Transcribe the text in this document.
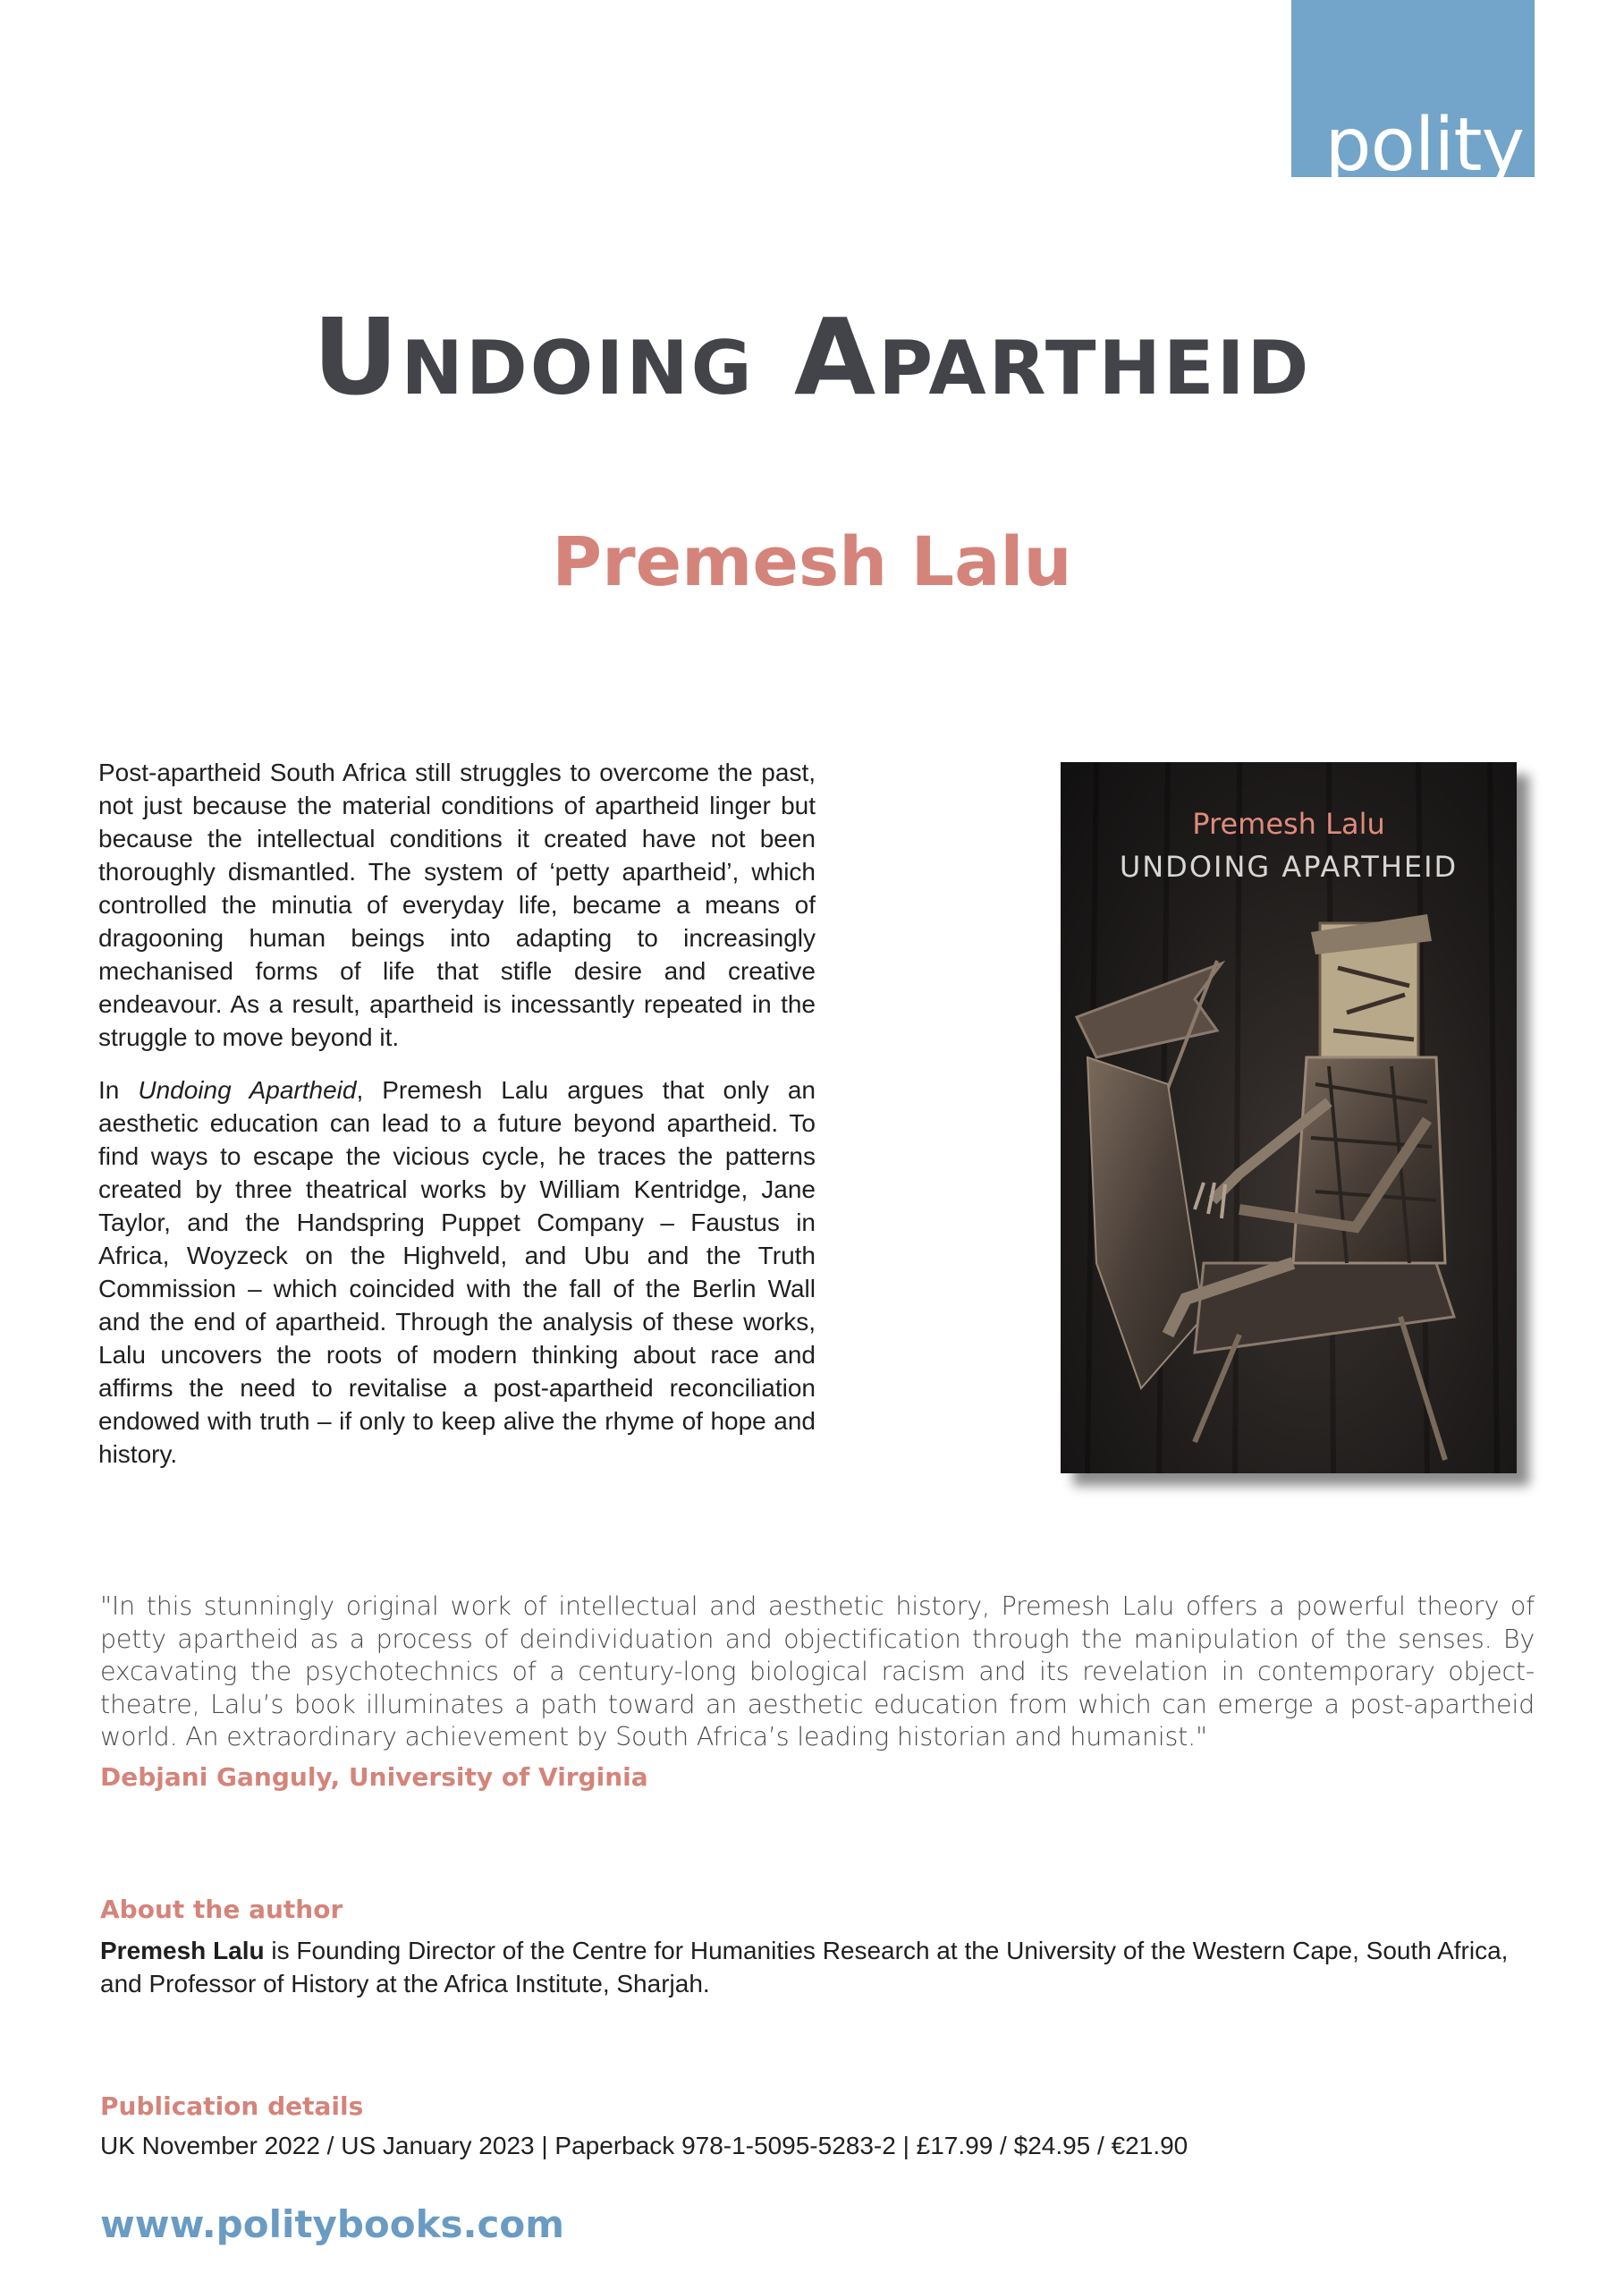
polity
Undoing Apartheid
Premesh Lalu

Post-apartheid South Africa still struggles to overcome the past, not just because the material conditions of apartheid linger but because the intellectual conditions it created have not been thoroughly dismantled. The system of ‘petty apartheid’, which controlled the minutia of everyday life, became a means of dragooning human beings into adapting to increasingly mechanised forms of life that stifle desire and creative endeavour. As a result, apartheid is incessantly repeated in the struggle to move beyond it.

In Undoing Apartheid, Premesh Lalu argues that only an aesthetic education can lead to a future beyond apartheid. To find ways to escape the vicious cycle, he traces the patterns created by three theatrical works by William Kentridge, Jane Taylor, and the Handspring Puppet Company – Faustus in Africa, Woyzeck on the Highveld, and Ubu and the Truth Commission – which coincided with the fall of the Berlin Wall and the end of apartheid. Through the analysis of these works, Lalu uncovers the roots of modern thinking about race and affirms the need to revitalise a post-apartheid reconciliation endowed with truth – if only to keep alive the rhyme of hope and history.

Premesh Lalu
UNDOING APARTHEID
"In this stunningly original work of intellectual and aesthetic history, Premesh Lalu offers a powerful theory of petty apartheid as a process of deindividuation and objectification through the manipulation of the senses. By excavating the psychotechnics of a century-long biological racism and its revelation in contemporary object-theatre, Lalu’s book illuminates a path toward an aesthetic education from which can emerge a post-apartheid world. An extraordinary achievement by South Africa’s leading historian and humanist."
Debjani Ganguly, University of Virginia
About the author
Premesh Lalu is Founding Director of the Centre for Humanities Research at the University of the Western Cape, South Africa, and Professor of History at the Africa Institute, Sharjah.
Publication details
UK November 2022 / US January 2023 | Paperback 978-1-5095-5283-2 | £17.99 / $24.95 / €21.90
www.politybooks.com
